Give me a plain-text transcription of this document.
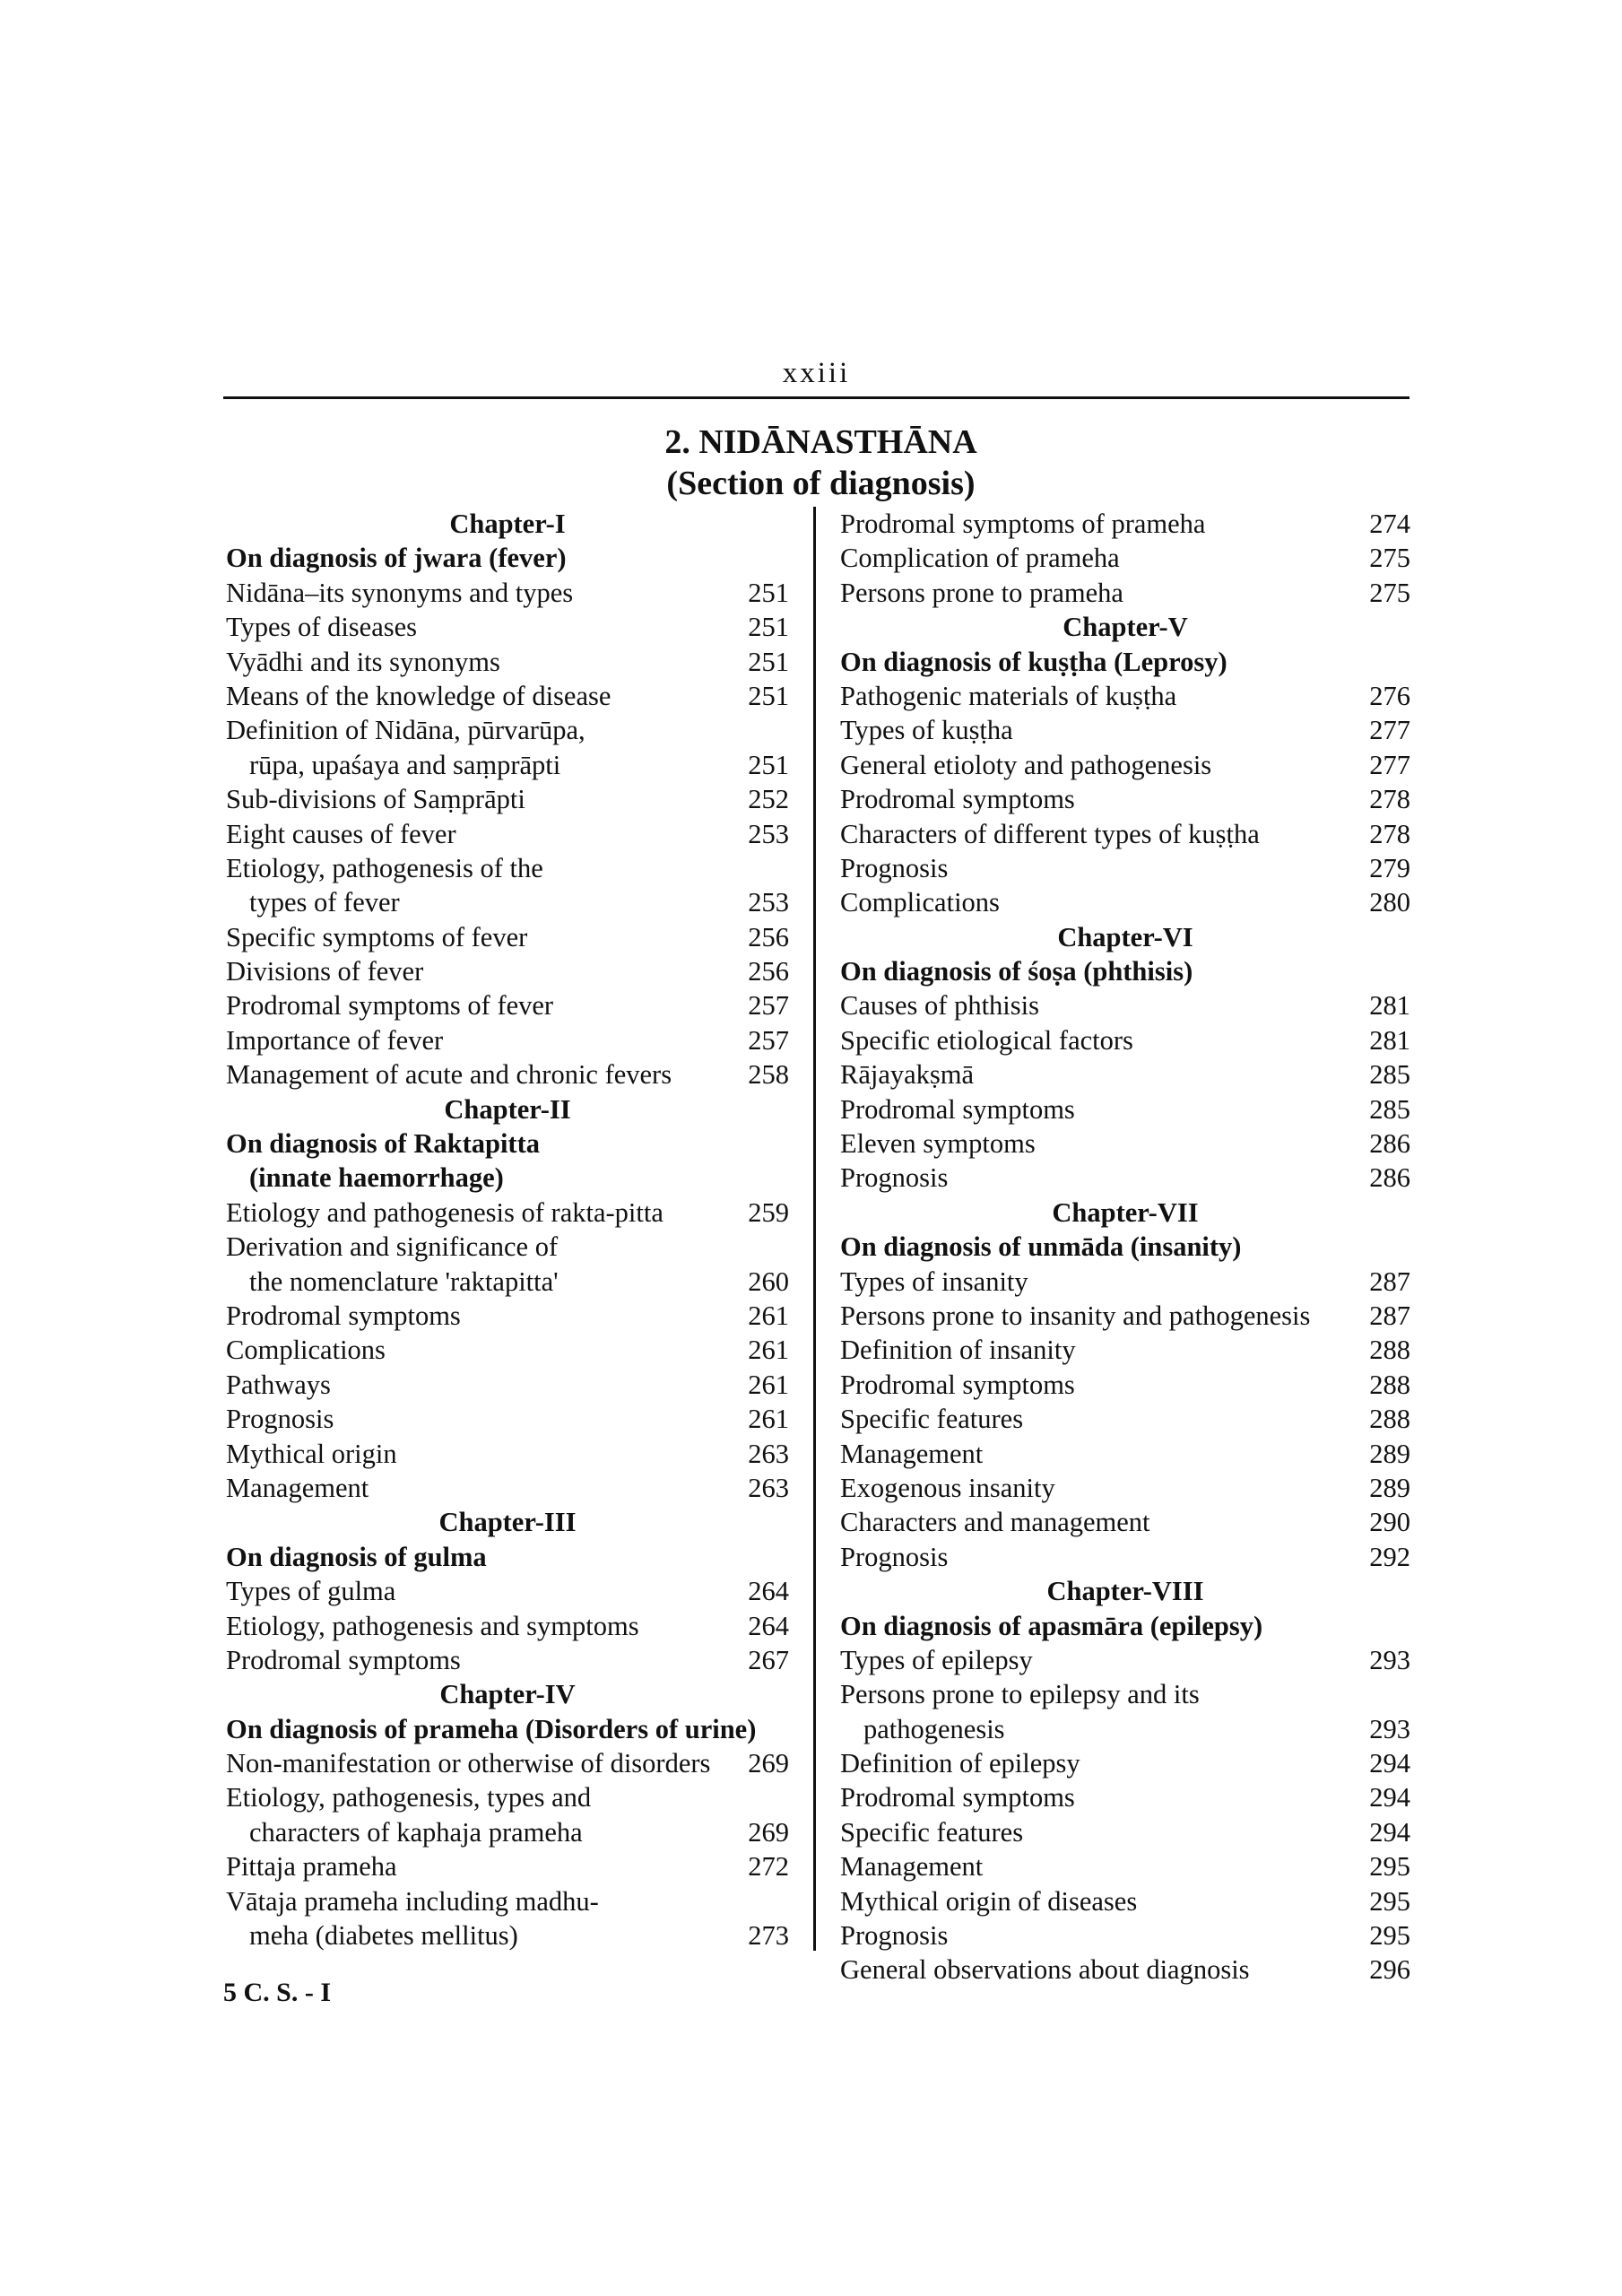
xxiii
2. NIDĀNASTHĀNA
(Section of diagnosis)
Chapter-I
On diagnosis of jwara (fever)
Nidāna–its synonyms and types	251
Types of diseases	251
Vyādhi and its synonyms	251
Means of the knowledge of disease	251
Definition of Nidāna, pūrvarūpa,
rūpa, upaśaya and saṃprāpti	251
Sub-divisions of Saṃprāpti	252
Eight causes of fever	253
Etiology, pathogenesis of the
types of fever	253
Specific symptoms of fever	256
Divisions of fever	256
Prodromal symptoms of fever	257
Importance of fever	257
Management of acute and chronic fevers	258
Chapter-II
On diagnosis of Raktapitta
(innate haemorrhage)
Etiology and pathogenesis of rakta-pitta	259
Derivation and significance of
the nomenclature 'raktapitta'	260
Prodromal symptoms	261
Complications	261
Pathways	261
Prognosis	261
Mythical origin	263
Management	263
Chapter-III
On diagnosis of gulma
Types of gulma	264
Etiology, pathogenesis and symptoms	264
Prodromal symptoms	267
Chapter-IV
On diagnosis of prameha (Disorders of urine)
Non-manifestation or otherwise of disorders 269
Etiology, pathogenesis, types and
characters of kaphaja prameha	269
Pittaja prameha	272
Vātaja prameha including madhu-
meha (diabetes mellitus)	273
Prodromal symptoms of prameha	274
Complication of prameha	275
Persons prone to prameha	275
Chapter-V
On diagnosis of kuṣṭha (Leprosy)
Pathogenic materials of kuṣṭha	276
Types of kuṣṭha	277
General etioloty and pathogenesis	277
Prodromal symptoms	278
Characters of different types of kuṣṭha	278
Prognosis	279
Complications	280
Chapter-VI
On diagnosis of śoṣa (phthisis)
Causes of phthisis	281
Specific etiological factors	281
Rājayakṣmā	285
Prodromal symptoms	285
Eleven symptoms	286
Prognosis	286
Chapter-VII
On diagnosis of unmāda (insanity)
Types of insanity	287
Persons prone to insanity and pathogenesis 287
Definition of insanity	288
Prodromal symptoms	288
Specific features	288
Management	289
Exogenous insanity	289
Characters and management	290
Prognosis	292
Chapter-VIII
On diagnosis of apasmāra (epilepsy)
Types of epilepsy	293
Persons prone to epilepsy and its
pathogenesis	293
Definition of epilepsy	294
Prodromal symptoms	294
Specific features	294
Management	295
Mythical origin of diseases	295
Prognosis	295
General observations about diagnosis	296
5 C. S. - I
